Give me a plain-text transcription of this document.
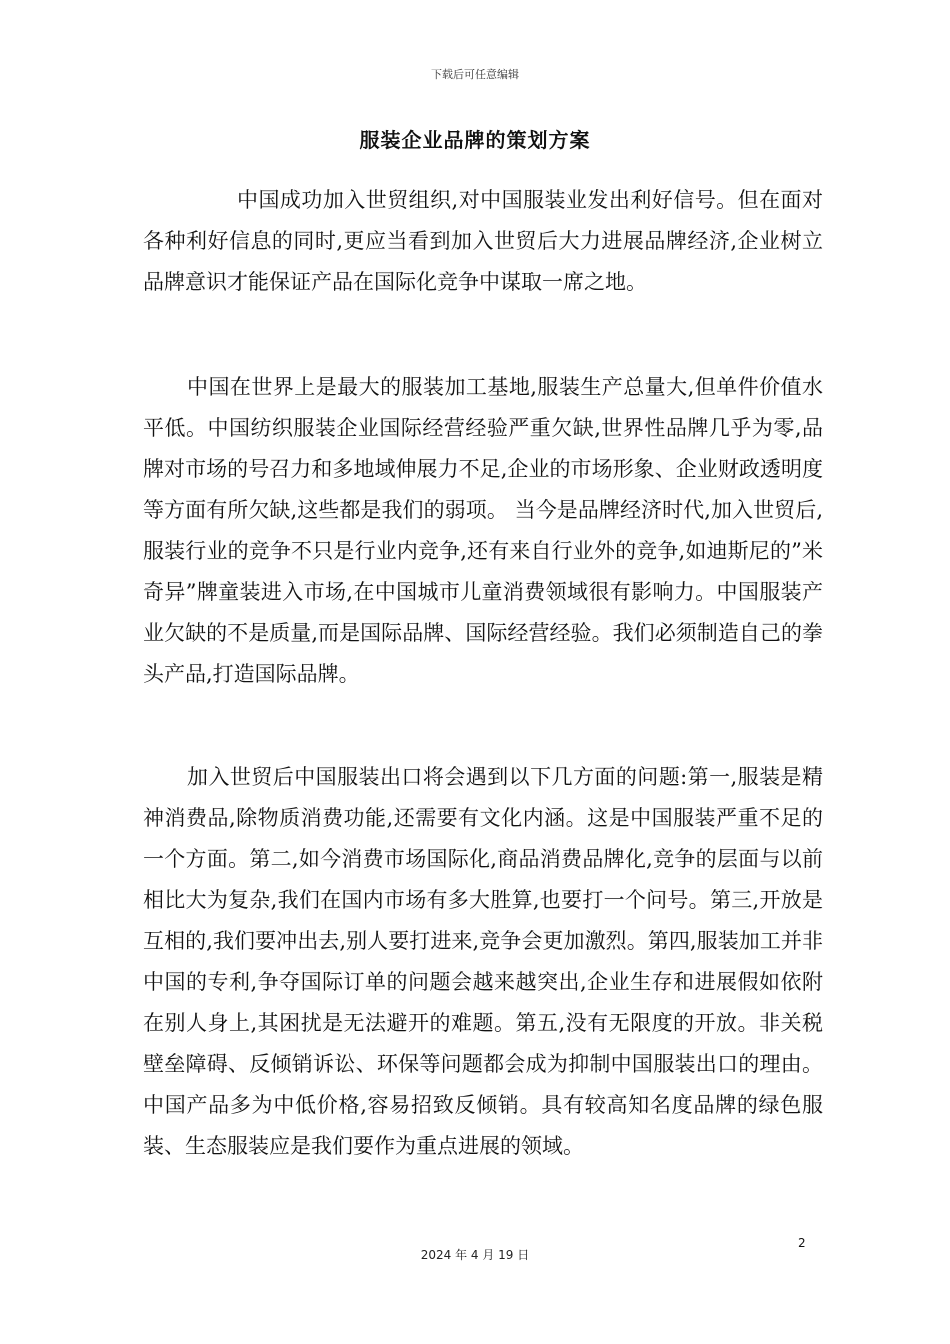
下载后可任意编辑
服装企业品牌的策划方案

中国成功加入世贸组织,对中国服装业发出利好信号。但在面对各种利好信息的同时,更应当看到加入世贸后大力进展品牌经济,企业树立品牌意识才能保证产品在国际化竞争中谋取一席之地。

中国在世界上是最大的服装加工基地,服装生产总量大,但单件价值水平低。中国纺织服装企业国际经营经验严重欠缺,世界性品牌几乎为零,品牌对市场的号召力和多地域伸展力不足,企业的市场形象、企业财政透明度等方面有所欠缺,这些都是我们的弱项。 当今是品牌经济时代,加入世贸后,服装行业的竞争不只是行业内竞争,还有来自行业外的竞争,如迪斯尼的”米奇异”牌童装进入市场,在中国城市儿童消费领域很有影响力。中国服装产业欠缺的不是质量,而是国际品牌、国际经营经验。我们必须制造自己的拳头产品,打造国际品牌。

加入世贸后中国服装出口将会遇到以下几方面的问题:第一,服装是精神消费品,除物质消费功能,还需要有文化内涵。这是中国服装严重不足的一个方面。第二,如今消费市场国际化,商品消费品牌化,竞争的层面与以前相比大为复杂,我们在国内市场有多大胜算,也要打一个问号。第三,开放是互相的,我们要冲出去,别人要打进来,竞争会更加激烈。第四,服装加工并非中国的专利,争夺国际订单的问题会越来越突出,企业生存和进展假如依附在别人身上,其困扰是无法避开的难题。第五,没有无限度的开放。非关税壁垒障碍、反倾销诉讼、环保等问题都会成为抑制中国服装出口的理由。中国产品多为中低价格,容易招致反倾销。具有较高知名度品牌的绿色服装、生态服装应是我们要作为重点进展的领域。

2
2024 年 4 月 19 日
